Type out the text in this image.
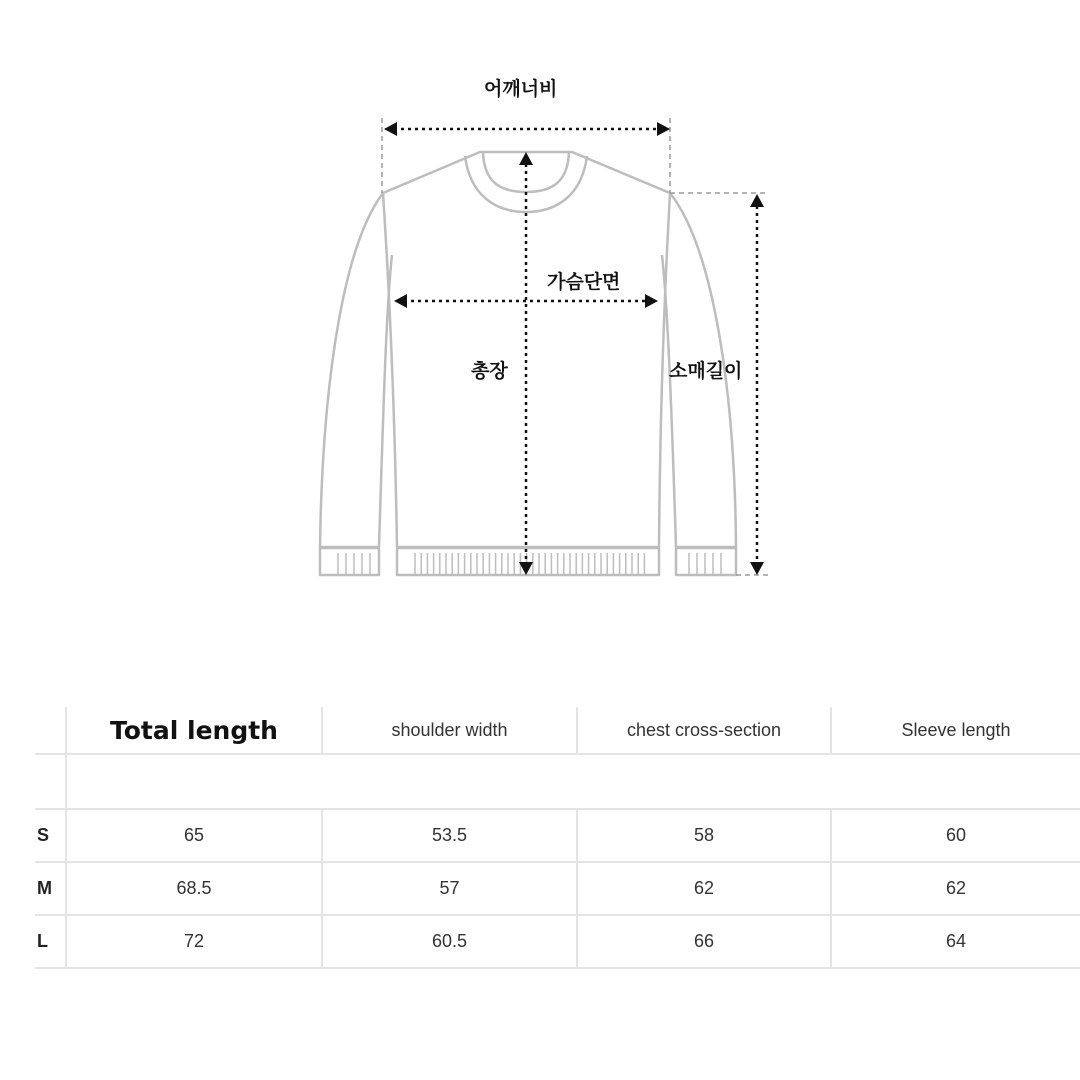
어깨너비
가슴단면
총장	소매길이
	Total length	shoulder width	chest cross-section	Sleeve length

S	65	53.5	58	60
M	68.5	57	62	62
L	72	60.5	66	64
